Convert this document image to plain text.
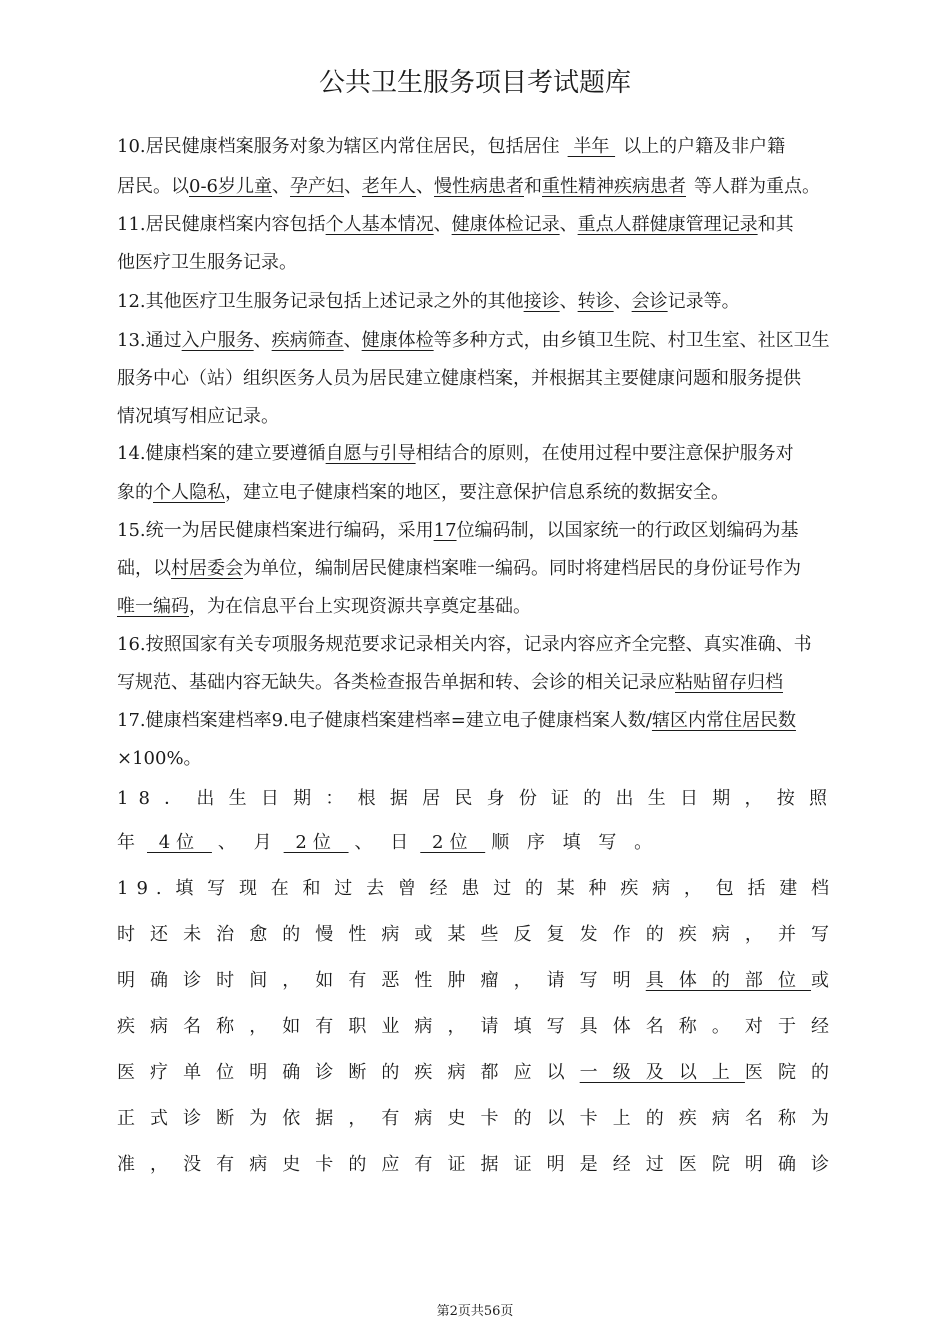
公共卫生服务项目考试题库
10.居民健康档案服务对象为辖区内常住居民，包括居住 半年 以上的户籍及非户籍
居民。以0-6岁儿童、孕产妇、老年人、慢性病患者和重性精神疾病患者 等人群为重点。
11.居民健康档案内容包括个人基本情况、健康体检记录、重点人群健康管理记录和其
他医疗卫生服务记录。
12.其他医疗卫生服务记录包括上述记录之外的其他接诊、转诊、会诊记录等。
13.通过入户服务、疾病筛查、健康体检等多种方式，由乡镇卫生院、村卫生室、社区卫生
服务中心（站）组织医务人员为居民建立健康档案，并根据其主要健康问题和服务提供
情况填写相应记录。
14.健康档案的建立要遵循自愿与引导相结合的原则，在使用过程中要注意保护服务对
象的个人隐私，建立电子健康档案的地区，要注意保护信息系统的数据安全。
15.统一为居民健康档案进行编码，采用17位编码制，以国家统一的行政区划编码为基
础，以村居委会为单位，编制居民健康档案唯一编码。同时将建档居民的身份证号作为
唯一编码，为在信息平台上实现资源共享奠定基础。
16.按照国家有关专项服务规范要求记录相关内容，记录内容应齐全完整、真实准确、书
写规范、基础内容无缺失。各类检查报告单据和转、会诊的相关记录应粘贴留存归档
17.健康档案建档率9.电子健康档案建档率=建立电子健康档案人数/辖区内常住居民数
×100%。
18．出生日期：根据居民身份证的出生日期，按照
年 4位 、 月 2位 、 日 2位 顺 序 填 写 。
19.填写现在和过去曾经患过的某种疾病，包括建档
时还未治愈的慢性病或某些反复发作的疾病，并写
明确诊时间，如有恶性肿瘤，请写明具体的部位或
疾病名称，如有职业病，请填写具体名称。对于经
医疗单位明确诊断的疾病都应以一级及以上医院的
正式诊断为依据，有病史卡的以卡上的疾病名称为
准，没有病史卡的应有证据证明是经过医院明确诊
第2页共56页
